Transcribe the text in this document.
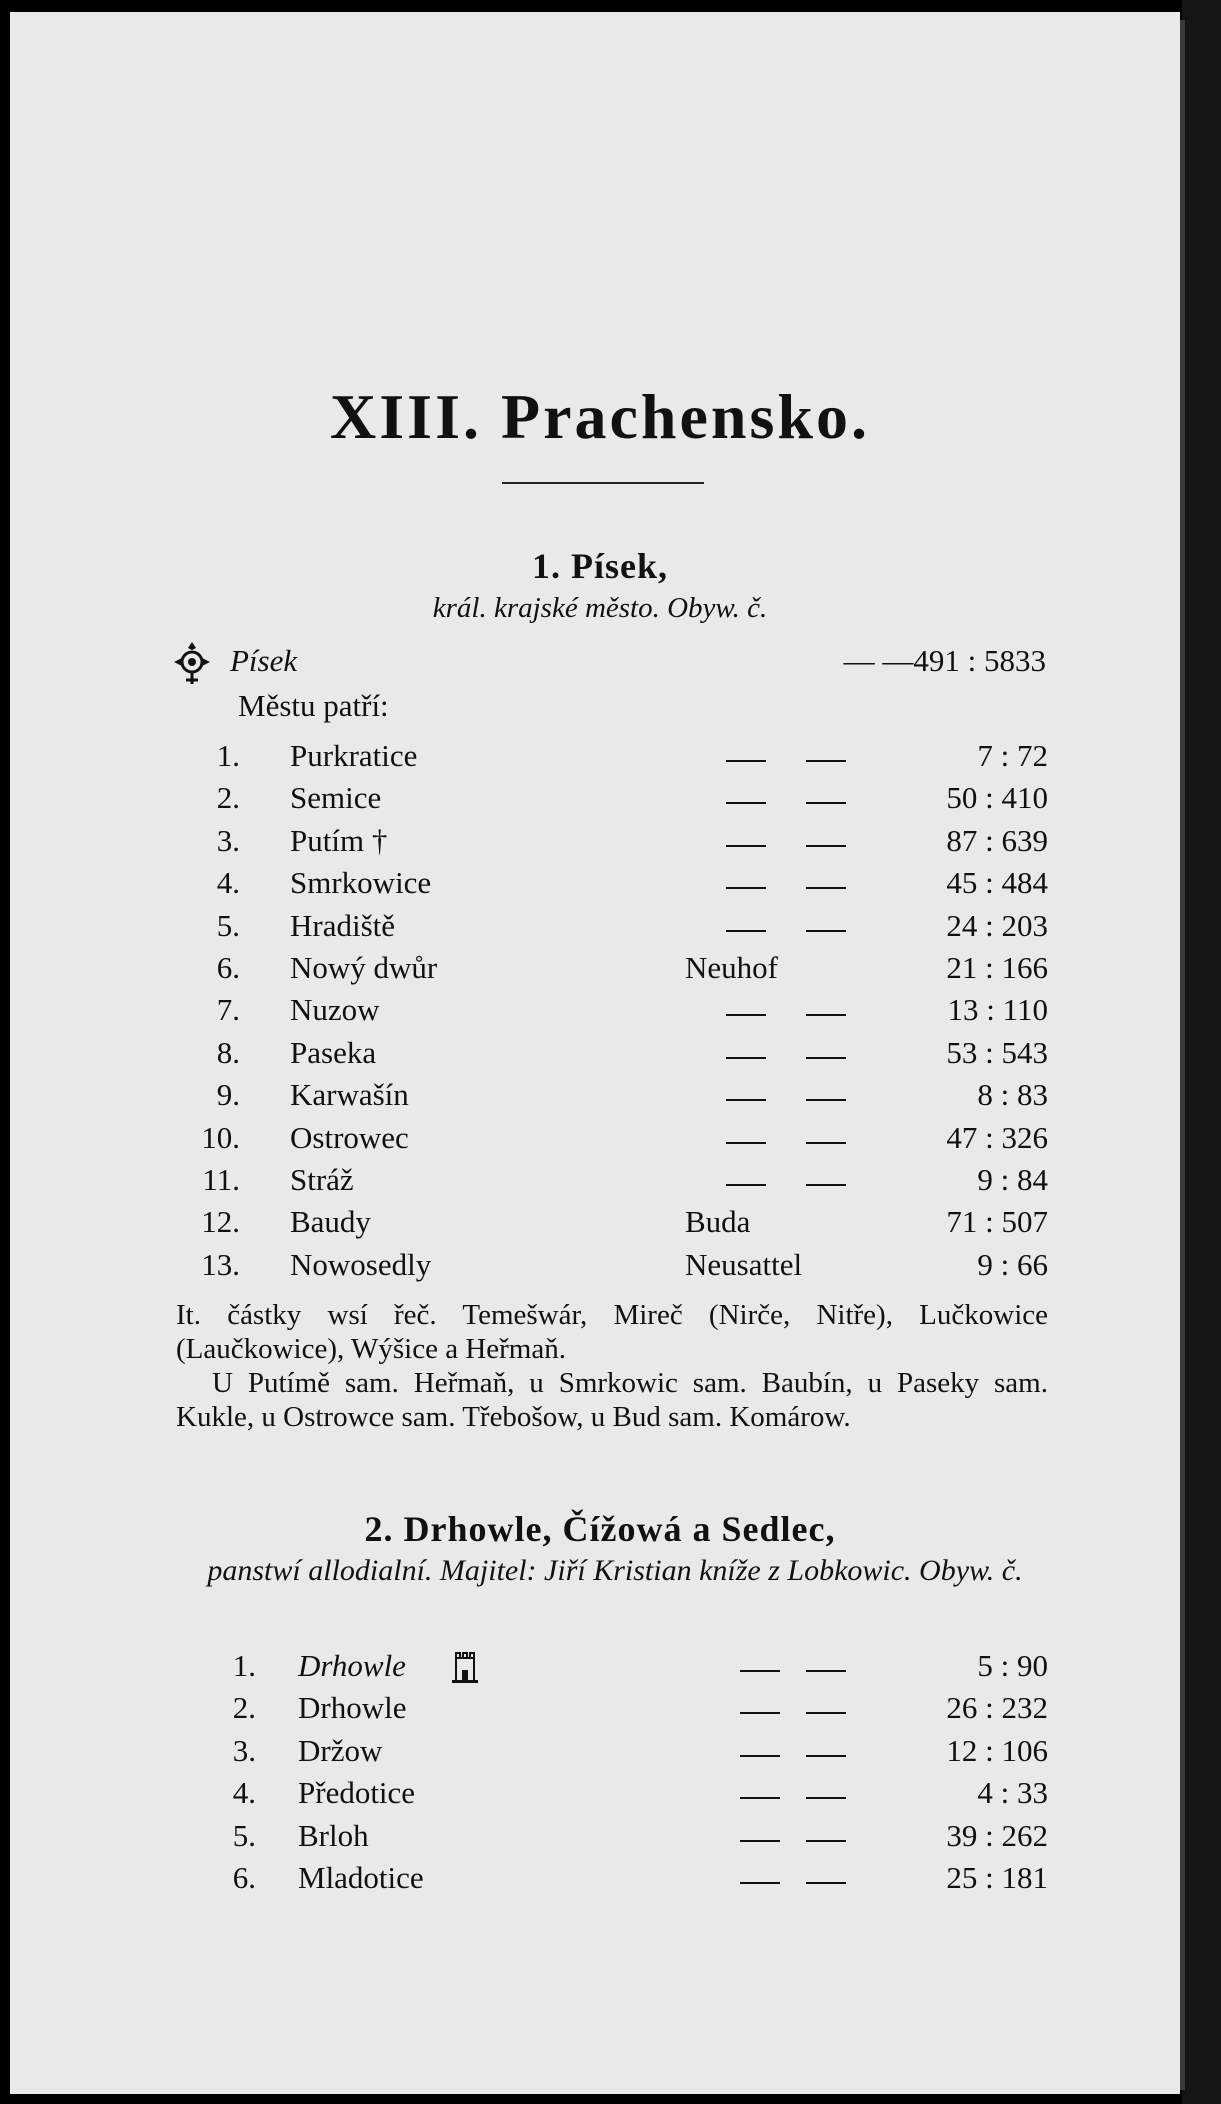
XIII. Prachensko.
1. Písek,
král. krajské město. Obyw. č.
Písek	— —491 : 5833
Městu patří:
1. Purkratice	7 : 72
2. Semice	50 : 410
3. Putím †	87 : 639
4. Smrkowice	45 : 484
5. Hradiště	24 : 203
6. Nowý dwůr	Neuhof	21 : 166
7. Nuzow	13 : 110
8. Paseka	53 : 543
9. Karwašín	8 : 83
10. Ostrowec	47 : 326
11. Stráž	9 : 84
12. Baudy	Buda	71 : 507
13. Nowosedly	Neusattel	9 : 66
It. částky wsí řeč. Temešwár, Mireč (Nirče, Nitře), Lučkowice (Laučkowice), Wýšice a Heřmaň.
U Putímě sam. Heřmaň, u Smrkowic sam. Baubín, u Paseky sam. Kukle, u Ostrowce sam. Třebošow, u Bud sam. Komárow.
2. Drhowle, Čížowá a Sedlec,
panstwí allodialní. Majitel: Jiří Kristian kníže z Lobkowic. Obyw. č.
1. Drhowle	5 : 90
2. Drhowle	26 : 232
3. Držow	12 : 106
4. Předotice	4 : 33
5. Brloh	39 : 262
6. Mladotice	25 : 181
